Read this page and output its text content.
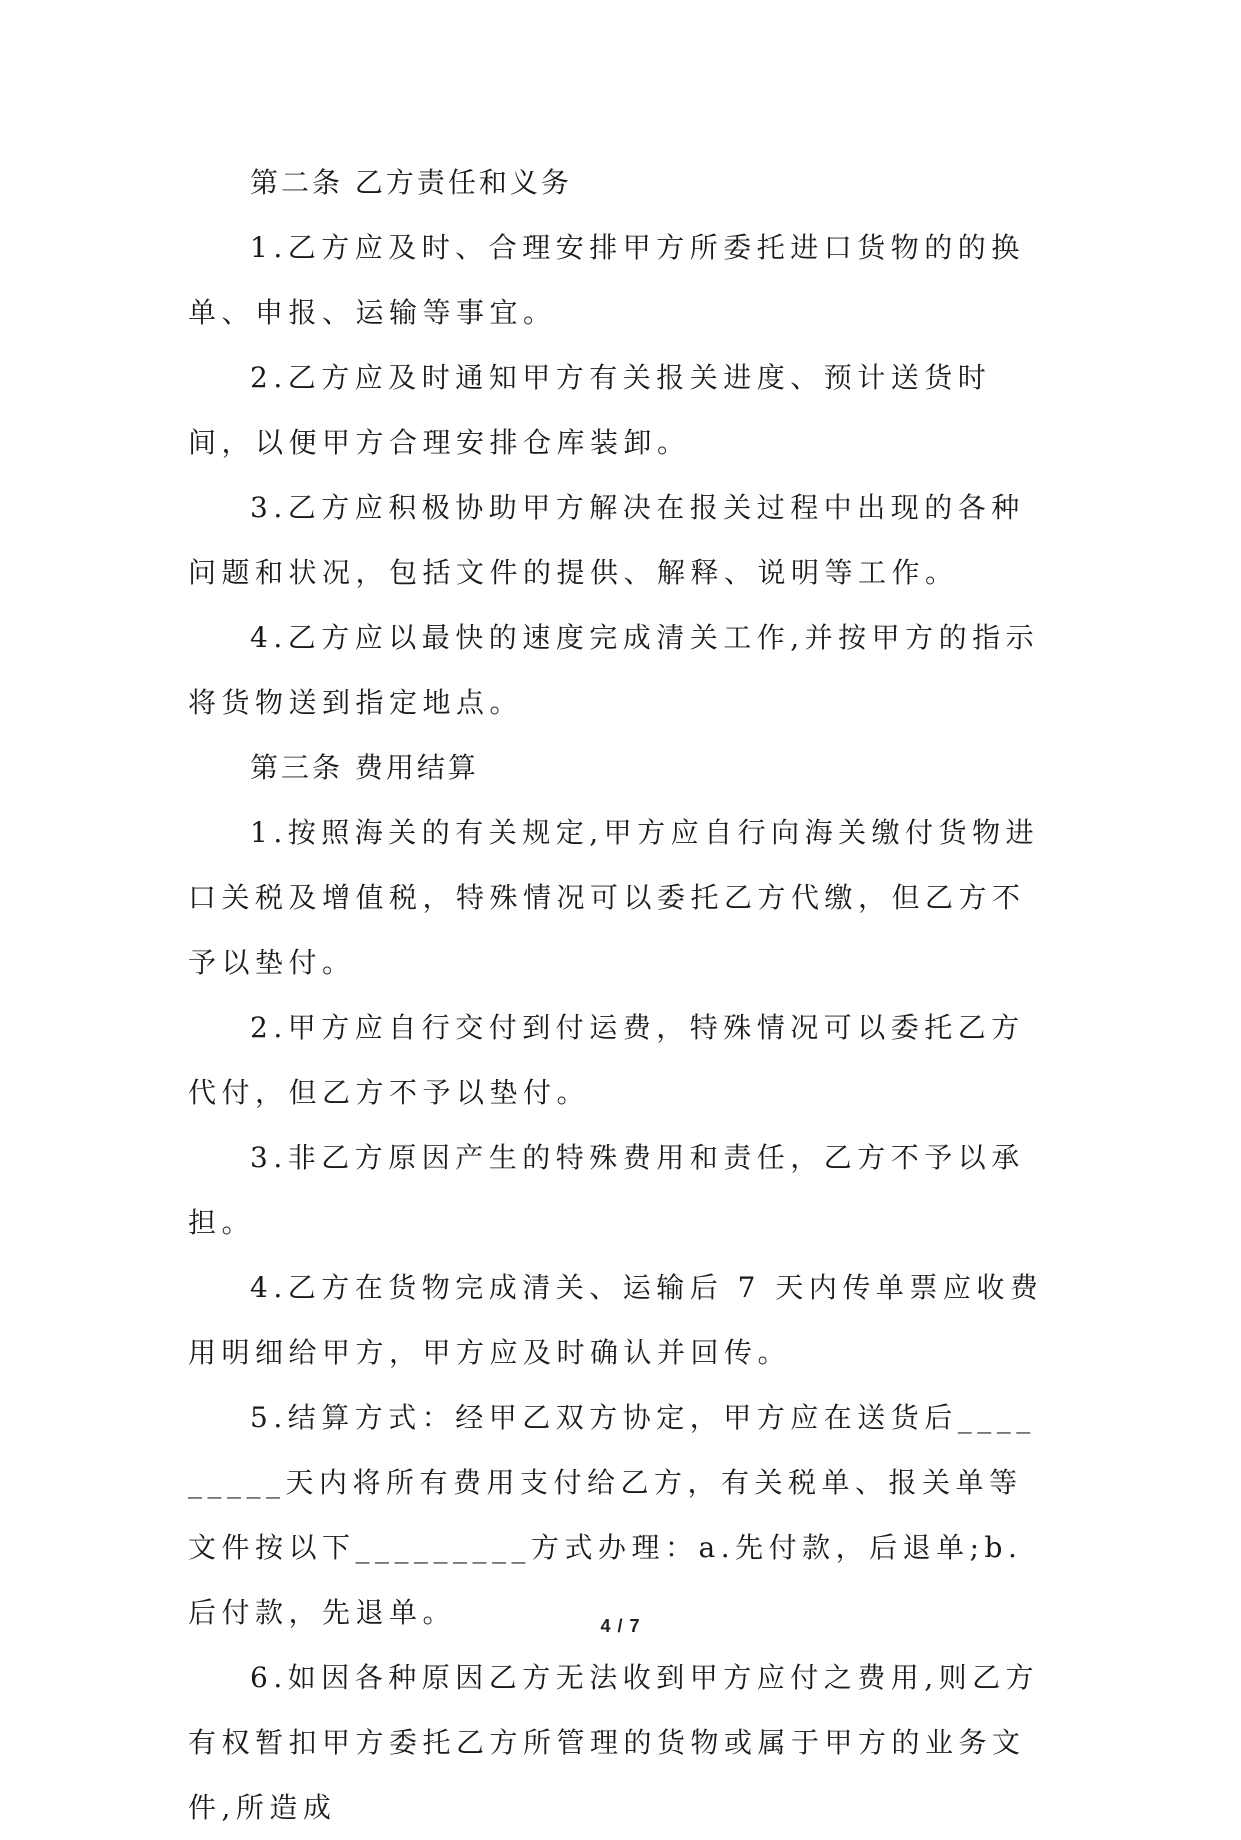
第二条 乙方责任和义务

1.乙方应及时、合理安排甲方所委托进口货物的的换单、申报、运输等事宜。

2.乙方应及时通知甲方有关报关进度、预计送货时间，以便甲方合理安排仓库装卸。

3.乙方应积极协助甲方解决在报关过程中出现的各种问题和状况，包括文件的提供、解释、说明等工作。

4.乙方应以最快的速度完成清关工作,并按甲方的指示将货物送到指定地点。

第三条 费用结算

1.按照海关的有关规定,甲方应自行向海关缴付货物进口关税及增值税，特殊情况可以委托乙方代缴，但乙方不予以垫付。

2.甲方应自行交付到付运费，特殊情况可以委托乙方代付，但乙方不予以垫付。

3.非乙方原因产生的特殊费用和责任，乙方不予以承担。

4.乙方在货物完成清关、运输后 7 天内传单票应收费用明细给甲方，甲方应及时确认并回传。

5.结算方式：经甲乙双方协定，甲方应在送货后_________天内将所有费用支付给乙方，有关税单、报关单等文件按以下_________方式办理：a.先付款，后退单;b.后付款，先退单。

6.如因各种原因乙方无法收到甲方应付之费用,则乙方有权暂扣甲方委托乙方所管理的货物或属于甲方的业务文件,所造成

4 / 7
